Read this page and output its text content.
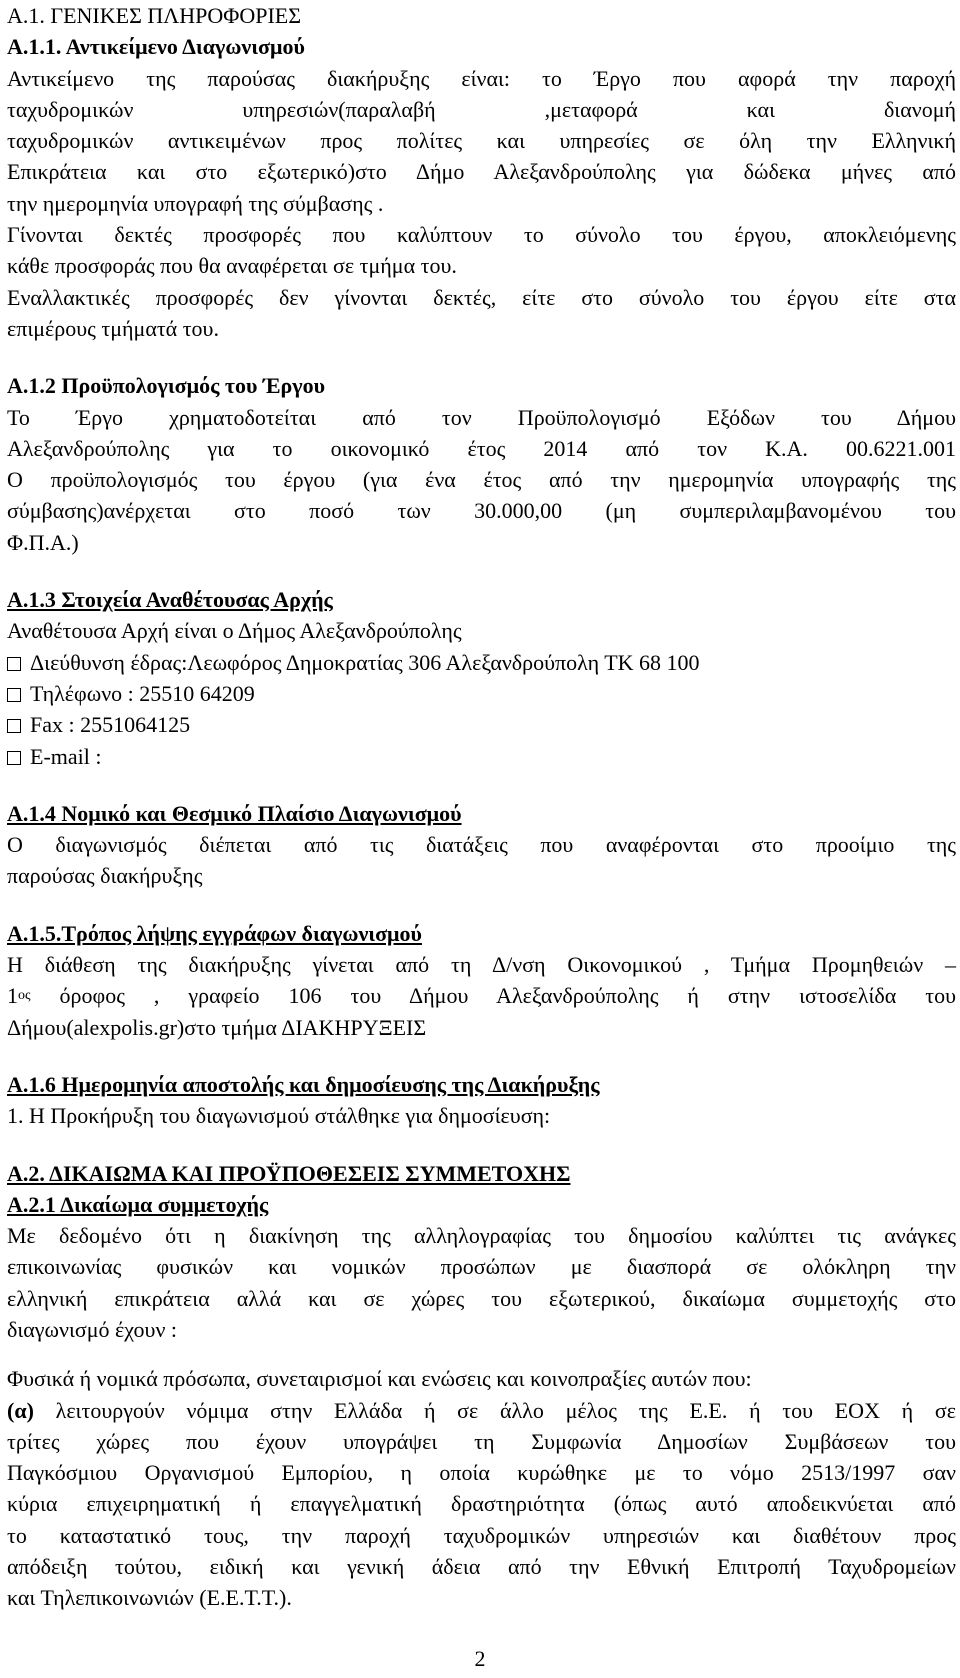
A.1. ΓΕΝΙΚΕΣ ΠΛΗΡΟΦΟΡΙΕΣ
Α.1.1. Αντικείμενο Διαγωνισμού
Αντικείμενο της παρούσας διακήρυξης είναι: το Έργο που αφορά την παροχή
ταχυδρομικών υπηρεσιών(παραλαβή ,μεταφορά και διανομή
ταχυδρομικών αντικειμένων προς πολίτες και υπηρεσίες σε όλη την Ελληνική
Επικράτεια και στο εξωτερικό)στο Δήμο Αλεξανδρούπολης για δώδεκα μήνες από
την ημερομηνία υπογραφή της σύμβασης .
Γίνονται δεκτές προσφορές που καλύπτουν το σύνολο του έργου, αποκλειόμενης
κάθε προσφοράς που θα αναφέρεται σε τμήμα του.
Εναλλακτικές προσφορές δεν γίνονται δεκτές, είτε στο σύνολο του έργου είτε στα
επιμέρους τμήματά του.
Α.1.2 Προϋπολογισμός του Έργου
Το Έργο χρηματοδοτείται από τον Προϋπολογισμό Εξόδων του Δήμου
Αλεξανδρούπολης για το οικονομικό έτος 2014 από τον Κ.Α. 00.6221.001
Ο προϋπολογισμός του έργου (για ένα έτος από την ημερομηνία υπογραφής της
σύμβασης)ανέρχεται στο ποσό των 30.000,00 (μη συμπεριλαμβανομένου του
Φ.Π.Α.)
Α.1.3 Στοιχεία Αναθέτουσας Αρχής
Αναθέτουσα Αρχή είναι ο Δήμος Αλεξανδρούπολης
Διεύθυνση έδρας:Λεωφόρος Δημοκρατίας 306 Αλεξανδρούπολη ΤΚ 68 100
Τηλέφωνο : 25510 64209
Fax : 2551064125
E-mail :
Α.1.4 Νομικό και Θεσμικό Πλαίσιο Διαγωνισμού
Ο διαγωνισμός διέπεται από τις διατάξεις που αναφέρονται στο προοίμιο της
παρούσας διακήρυξης
Α.1.5.Τρόπος λήψης εγγράφων διαγωνισμού
Η διάθεση της διακήρυξης γίνεται από τη Δ/νση Οικονομικού , Τμήμα Προμηθειών –
$1^{o\varsigma}$ όροφος , γραφείο 106 του Δήμου Αλεξανδρούπολης ή στην ιστοσελίδα του
Δήμου(alexpolis.gr)στο τμήμα ΔΙΑΚΗΡΥΞΕΙΣ
Α.1.6 Ημερομηνία αποστολής και δημοσίευσης της Διακήρυξης
1. Η Προκήρυξη του διαγωνισμού στάλθηκε για δημοσίευση:
Α.2. ΔΙΚΑΙΩΜΑ ΚΑΙ ΠΡΟΫΠΟΘΕΣΕΙΣ ΣΥΜΜΕΤΟΧΗΣ
Α.2.1 Δικαίωμα συμμετοχής
Με δεδομένο ότι η διακίνηση της αλληλογραφίας του δημοσίου καλύπτει τις ανάγκες
επικοινωνίας φυσικών και νομικών προσώπων με διασπορά σε ολόκληρη την
ελληνική επικράτεια αλλά και σε χώρες του εξωτερικού, δικαίωμα συμμετοχής στο
διαγωνισμό έχουν :
Φυσικά ή νομικά πρόσωπα, συνεταιρισμοί και ενώσεις και κοινοπραξίες αυτών που:
(α) λειτουργούν νόμιμα στην Ελλάδα ή σε άλλο μέλος της Ε.Ε. ή του ΕΟΧ ή σε
τρίτες χώρες που έχουν υπογράψει τη Συμφωνία Δημοσίων Συμβάσεων του
Παγκόσμιου Οργανισμού Εμπορίου, η οποία κυρώθηκε με το νόμο 2513/1997 σαν
κύρια επιχειρηματική ή επαγγελματική δραστηριότητα (όπως αυτό αποδεικνύεται από
το καταστατικό τους, την παροχή ταχυδρομικών υπηρεσιών και διαθέτουν προς
απόδειξη τούτου, ειδική και γενική άδεια από την Εθνική Επιτροπή Ταχυδρομείων
και Τηλεπικοινωνιών (Ε.Ε.Τ.Τ.).
2
